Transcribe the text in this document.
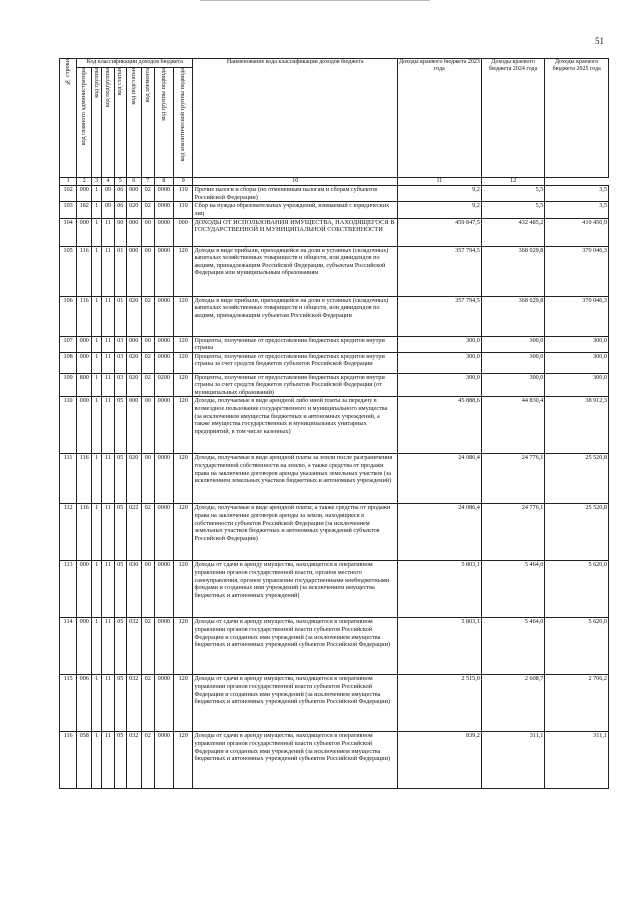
51
№ строки	Код классификации доходов бюджета								Наименование кода классификации доходов бюджета	Доходы краевого бюджета 2023 года	Доходы краевого бюджета 2024 года	Доходы краевого бюджета 2025 года

	код главного администратора	код группы	код подгруппы	код статьи	код подстатьи	код элемента	код группы подвида	код аналитической группы подвида				

1	2	3	4	5	6	7	8	9	10	11	12	
102	000	1	09	06	000	02	0000	110	Прочие налоги и сборы (по отмененным налогам и сборам субъектов Российской Федерации)	9,2	5,5	3,5
103	182	1	09	06	020	02	0000	110	Сбор на нужды образовательных учреждений, взимаемый с юридических лиц	9,2	5,5	3,5
104	000	1	11	00	000	00	0000	000	ДОХОДЫ ОТ ИСПОЛЬЗОВАНИЯ ИМУЩЕСТВА, НАХОДЯЩЕГОСЯ В ГОСУДАРСТВЕННОЙ И МУНИЦИПАЛЬНОЙ СОБСТВЕННОСТИ	459 847,5	432 485,2	410 450,9
105	116	1	11	01	000	00	0000	120	Доходы в виде прибыли, приходящейся на доли в уставных (складочных) капиталах хозяйственных товариществ и обществ, или дивидендов по акциям, принадлежащим Российской Федерации, субъектам Российской Федерации или муниципальным образованиям	357 794,5	368 029,8	370 046,3
106	116	1	11	01	020	02	0000	120	Доходы в виде прибыли, приходящейся на доли в уставных (складочных) капиталах хозяйственных товариществ и обществ, или дивидендов по акциям, принадлежащим субъектам Российской Федерации	357 794,5	368 029,8	370 046,3
107	000	1	11	03	000	00	0000	120	Проценты, полученные от предоставления бюджетных кредитов внутри страны	300,0	300,0	300,0
108	000	1	11	03	020	02	0000	120	Проценты, полученные от предоставления бюджетных кредитов внутри страны за счет средств бюджетов субъектов Российской Федерации	300,0	300,0	300,0
109	800	1	11	03	020	02	0200	120	Проценты, полученные от предоставления бюджетных кредитов внутри страны за счет средств бюджетов субъектов Российской Федерации (от муниципальных образований)	300,0	300,0	300,0
110	000	1	11	05	000	00	0000	120	Доходы, получаемые в виде арендной либо иной платы за передачу в возмездное пользование государственного и муниципального имущества (за исключением имущества бюджетных и автономных учреждений, а также имущества государственных и муниципальных унитарных предприятий, в том числе казенных)	45 888,6	44 830,4	38 912,3
111	116	1	11	05	020	00	0000	120	Доходы, получаемые в виде арендной платы за земли после разграничения государственной собственности на землю, а также средства от продажи права на заключение договоров аренды указанных земельных участков (за исключением земельных участков бюджетных и автономных учреждений)	24 086,4	24 776,1	25 520,8
112	116	1	11	05	022	02	0000	120	Доходы, получаемые в виде арендной платы, а также средства от продажи права на заключение договоров аренды за земли, находящиеся в собственности субъектов Российской Федерации (за исключением земельных участков бюджетных и автономных учреждений субъектов Российской Федерации)	24 086,4	24 776,1	25 520,8
113	000	1	11	05	030	00	0000	120	Доходы от сдачи в аренду имущества, находящегося в оперативном управлении органов государственной власти, органов местного самоуправления, органов управления государственными внебюджетными фондами и созданных ими учреждений (за исключением имущества бюджетных и автономных учреждений)	5 803,1	5 464,0	5 620,0
114	000	1	11	05	032	02	0000	120	Доходы от сдачи в аренду имущества, находящегося в оперативном управлении органов государственной власти субъектов Российской Федерации и созданных ими учреждений (за исключением имущества бюджетных и автономных учреждений субъектов Российской Федерации)	5 803,1	5 464,0	5 620,0
115	006	1	11	05	032	02	0000	120	Доходы от сдачи в аренду имущества, находящегося в оперативном управлении органов государственной власти субъектов Российской Федерации и созданных ими учреждений (за исключением имущества бюджетных и автономных учреждений субъектов Российской Федерации)	2 515,0	2 608,7	2 706,2
116	058	1	11	05	032	02	0000	120	Доходы от сдачи в аренду имущества, находящегося в оперативном управлении органов государственной власти субъектов Российской Федерации и созданных ими учреждений (за исключением имущества бюджетных и автономных учреждений субъектов Российской Федерации)	839,2	311,1	311,1
